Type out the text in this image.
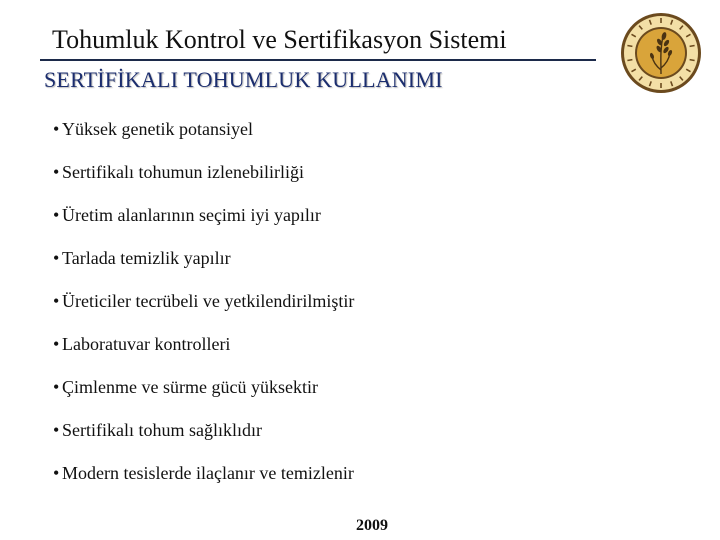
Tohumluk Kontrol ve Sertifikasyon Sistemi
SERTİFİKALI TOHUMLUK KULLANIMI
• Yüksek genetik potansiyel
• Sertifikalı tohumun izlenebilirliği
• Üretim alanlarının seçimi iyi yapılır
• Tarlada temizlik yapılır
• Üreticiler tecrübeli ve yetkilendirilmiştir
• Laboratuvar kontrolleri
• Çimlenme ve sürme gücü yüksektir
• Sertifikalı tohum sağlıklıdır
• Modern tesislerde ilaçlanır ve temizlenir
2009
